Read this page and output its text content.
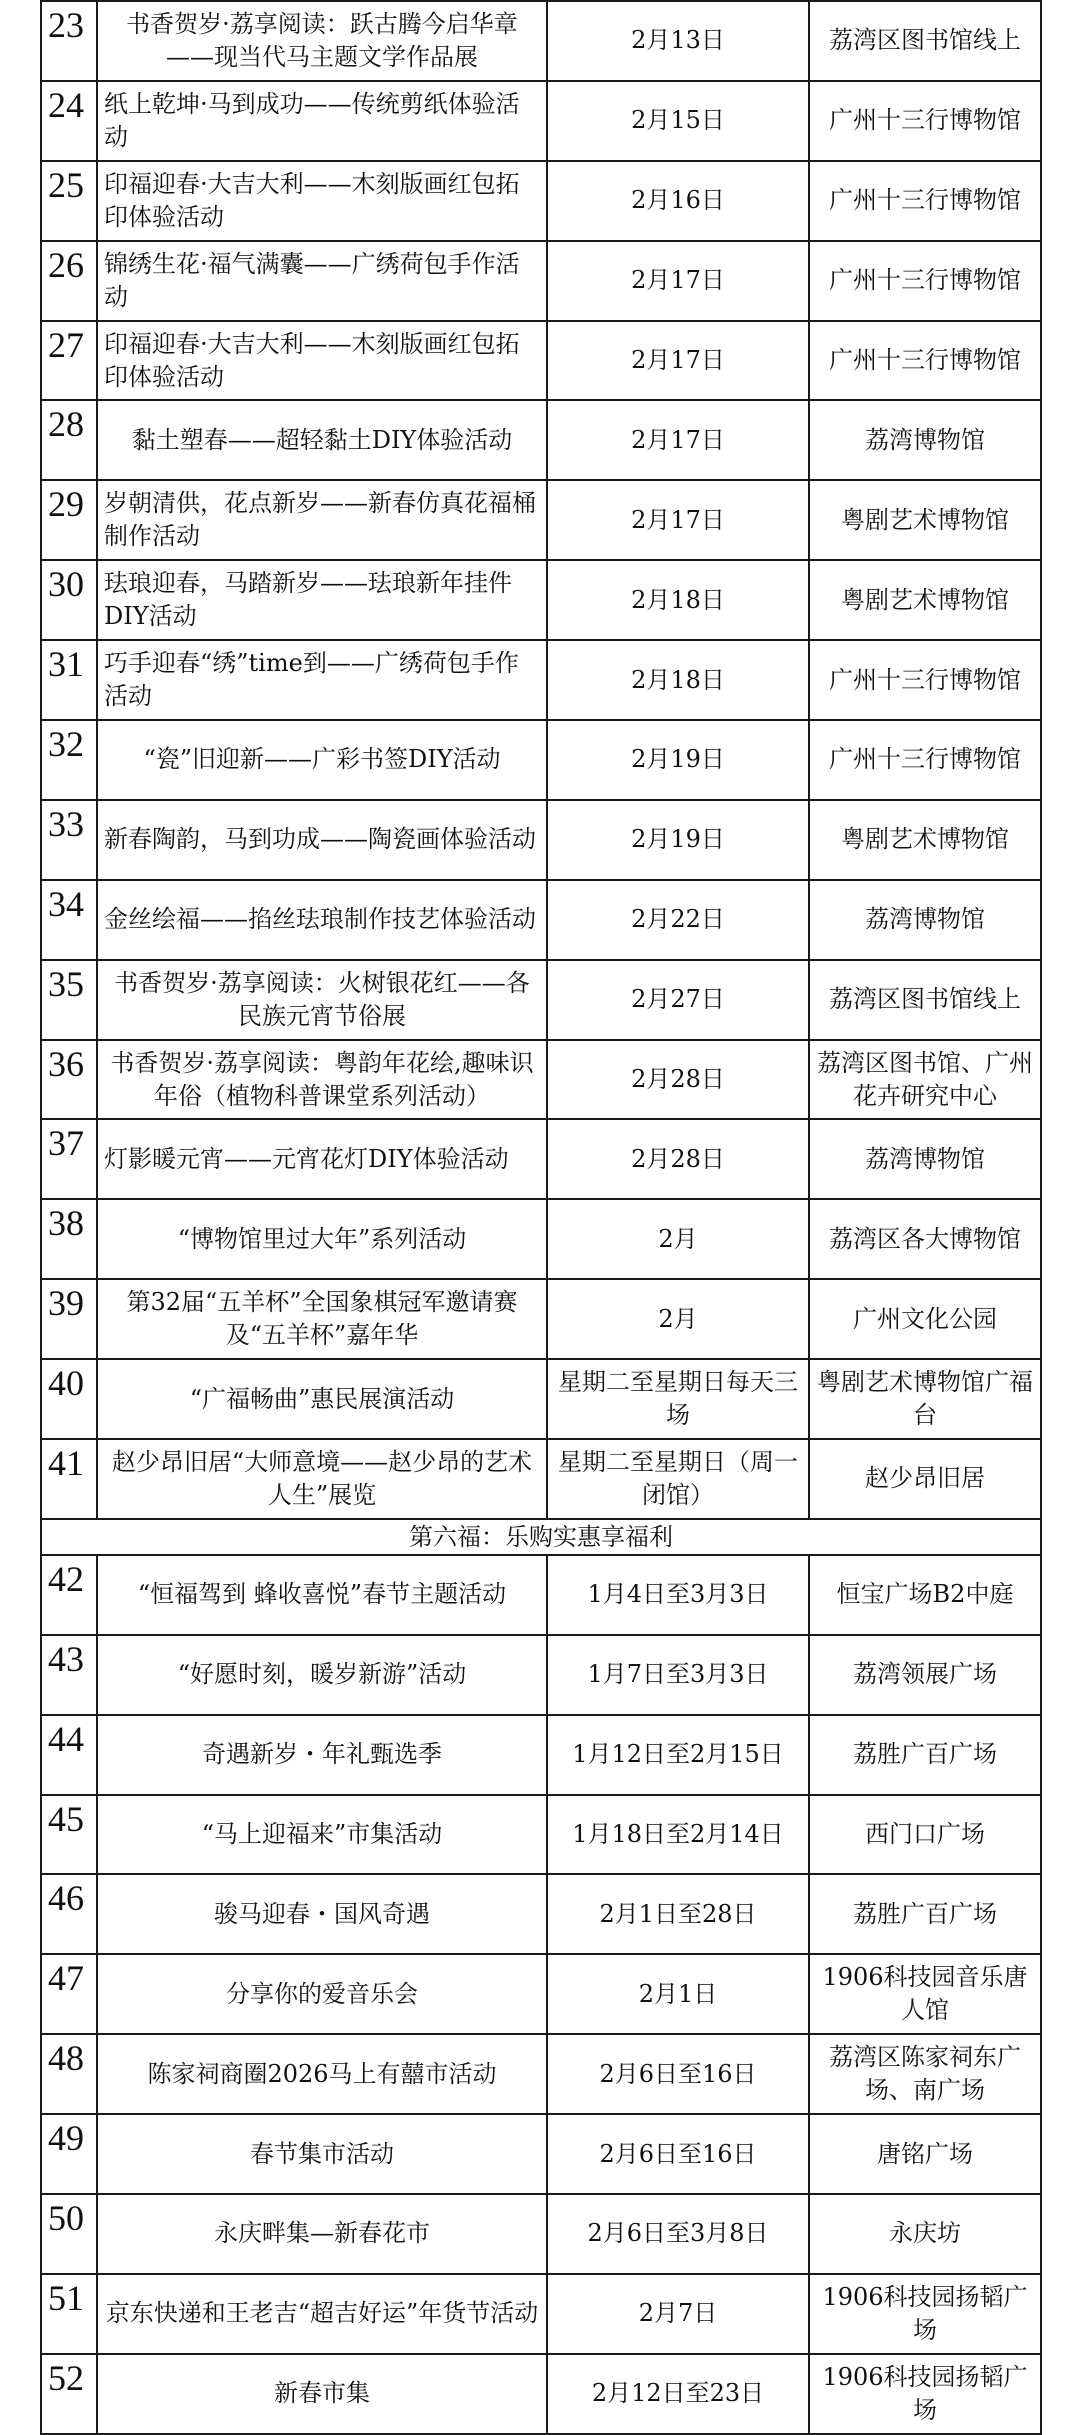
23	书香贺岁·荔享阅读：跃古腾今启华章——现当代马主题文学作品展	2月13日	荔湾区图书馆线上
24	纸上乾坤·马到成功——传统剪纸体验活动	2月15日	广州十三行博物馆
25	印福迎春·大吉大利——木刻版画红包拓印体验活动	2月16日	广州十三行博物馆
26	锦绣生花·福气满囊——广绣荷包手作活动	2月17日	广州十三行博物馆
27	印福迎春·大吉大利——木刻版画红包拓印体验活动	2月17日	广州十三行博物馆
28	黏土塑春——超轻黏土DIY体验活动	2月17日	荔湾博物馆
29	岁朝清供，花点新岁——新春仿真花福桶制作活动	2月17日	粤剧艺术博物馆
30	珐琅迎春，马踏新岁——珐琅新年挂件DIY活动	2月18日	粤剧艺术博物馆
31	巧手迎春“绣”time到——广绣荷包手作活动	2月18日	广州十三行博物馆
32	“瓷”旧迎新——广彩书签DIY活动	2月19日	广州十三行博物馆
33	新春陶韵，马到功成——陶瓷画体验活动	2月19日	粤剧艺术博物馆
34	金丝绘福——掐丝珐琅制作技艺体验活动	2月22日	荔湾博物馆
35	书香贺岁·荔享阅读：火树银花红——各民族元宵节俗展	2月27日	荔湾区图书馆线上
36	书香贺岁·荔享阅读：粤韵年花绘,趣味识年俗（植物科普课堂系列活动）	2月28日	荔湾区图书馆、广州花卉研究中心
37	灯影暖元宵——元宵花灯DIY体验活动	2月28日	荔湾博物馆
38	“博物馆里过大年”系列活动	2月	荔湾区各大博物馆
39	第32届“五羊杯”全国象棋冠军邀请赛及“五羊杯”嘉年华	2月	广州文化公园
40	“广福畅曲”惠民展演活动	星期二至星期日每天三场	粤剧艺术博物馆广福台
41	赵少昂旧居“大师意境——赵少昂的艺术人生”展览	星期二至星期日（周一闭馆）	赵少昂旧居
第六福：乐购实惠享福利			
42	“恒福驾到 蜂收喜悦”春节主题活动	1月4日至3月3日	恒宝广场B2中庭
43	“好愿时刻，暖岁新游”活动	1月7日至3月3日	荔湾领展广场
44	奇遇新岁・年礼甄选季	1月12日至2月15日	荔胜广百广场
45	“马上迎福来”市集活动	1月18日至2月14日	西门口广场
46	骏马迎春・国风奇遇	2月1日至28日	荔胜广百广场
47	分享你的爱音乐会	2月1日	1906科技园音乐唐人馆
48	陈家祠商圈2026马上有囍市活动	2月6日至16日	荔湾区陈家祠东广场、南广场
49	春节集市活动	2月6日至16日	唐铭广场
50	永庆畔集—新春花市	2月6日至3月8日	永庆坊
51	京东快递和王老吉“超吉好运”年货节活动	2月7日	1906科技园扬韬广场
52	新春市集	2月12日至23日	1906科技园扬韬广场
